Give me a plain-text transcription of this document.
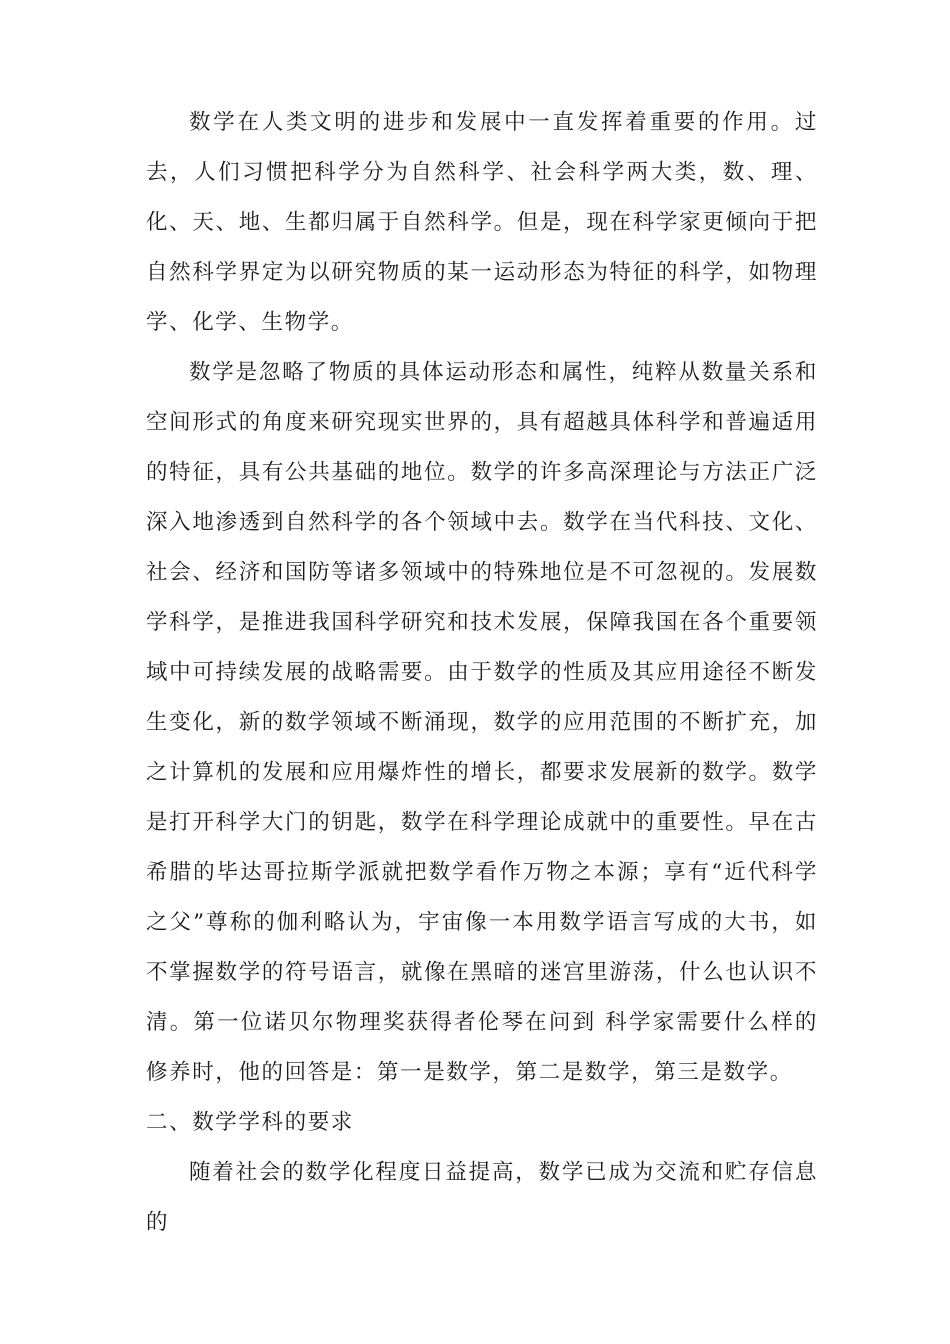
数学在人类文明的进步和发展中一直发挥着重要的作用。过去，人们习惯把科学分为自然科学、社会科学两大类，数、理、化、天、地、生都归属于自然科学。但是，现在科学家更倾向于把自然科学界定为以研究物质的某一运动形态为特征的科学，如物理学、化学、生物学。

数学是忽略了物质的具体运动形态和属性，纯粹从数量关系和空间形式的角度来研究现实世界的，具有超越具体科学和普遍适用的特征，具有公共基础的地位。数学的许多高深理论与方法正广泛深入地渗透到自然科学的各个领域中去。数学在当代科技、文化、社会、经济和国防等诸多领域中的特殊地位是不可忽视的。发展数学科学，是推进我国科学研究和技术发展，保障我国在各个重要领域中可持续发展的战略需要。由于数学的性质及其应用途径不断发生变化，新的数学领域不断涌现，数学的应用范围的不断扩充，加之计算机的发展和应用爆炸性的增长，都要求发展新的数学。数学是打开科学大门的钥匙，数学在科学理论成就中的重要性。早在古希腊的毕达哥拉斯学派就把数学看作万物之本源；享有“近代科学之父”尊称的伽利略认为，宇宙像一本用数学语言写成的大书，如不掌握数学的符号语言，就像在黑暗的迷宫里游荡，什么也认识不清。第一位诺贝尔物理奖获得者伦琴在问到 科学家需要什么样的修养时，他的回答是：第一是数学，第二是数学，第三是数学。

二、数学学科的要求

随着社会的数学化程度日益提高，数学已成为交流和贮存信息的
